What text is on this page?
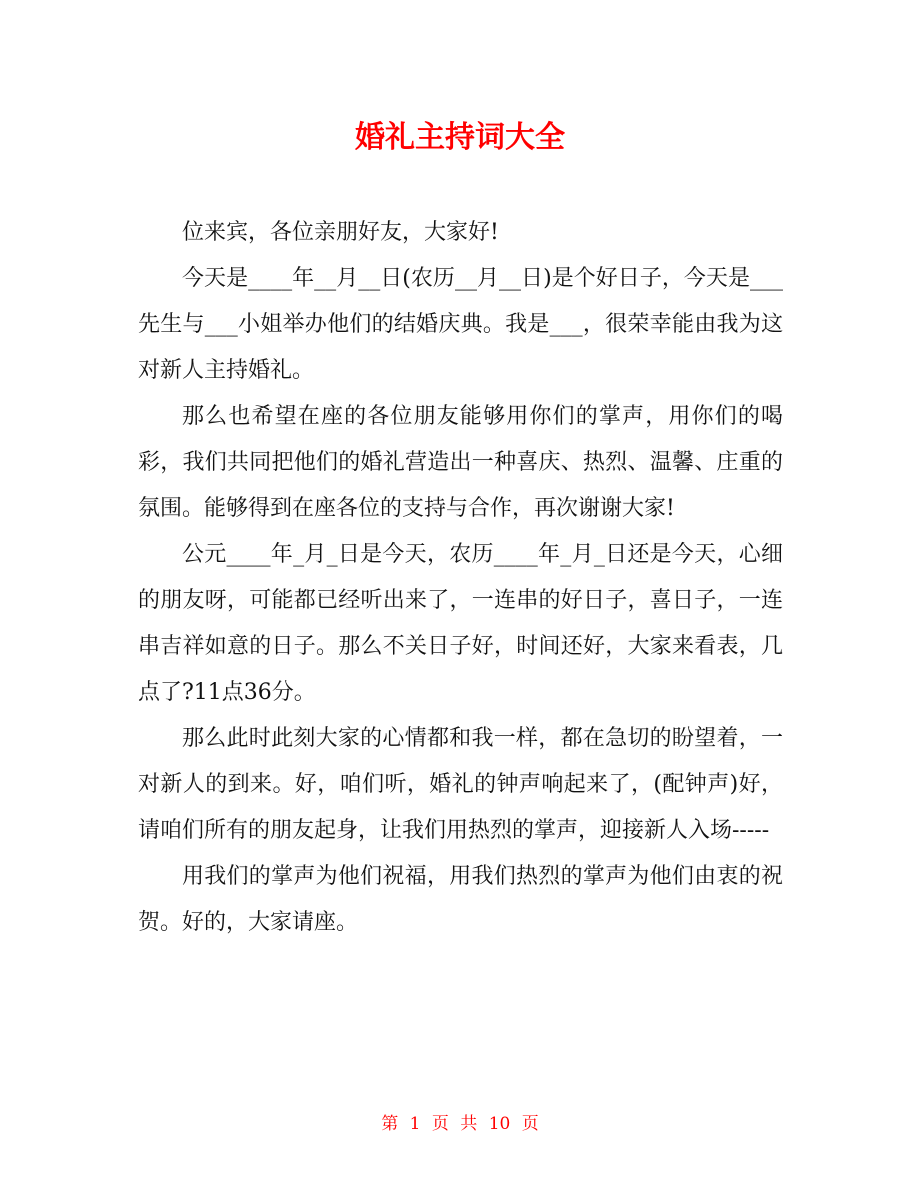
婚礼主持词大全

位来宾，各位亲朋好友，大家好!

今天是____年__月__日(农历__月__日)是个好日子，今天是___先生与___小姐举办他们的结婚庆典。我是___，很荣幸能由我为这对新人主持婚礼。

那么也希望在座的各位朋友能够用你们的掌声，用你们的喝彩，我们共同把他们的婚礼营造出一种喜庆、热烈、温馨、庄重的氛围。能够得到在座各位的支持与合作，再次谢谢大家!

公元____年_月_日是今天，农历____年_月_日还是今天，心细的朋友呀，可能都已经听出来了，一连串的好日子，喜日子，一连串吉祥如意的日子。那么不关日子好，时间还好，大家来看表，几点了?11点36分。

那么此时此刻大家的心情都和我一样，都在急切的盼望着，一对新人的到来。好，咱们听，婚礼的钟声响起来了，(配钟声)好，请咱们所有的朋友起身，让我们用热烈的掌声，迎接新人入场-----

用我们的掌声为他们祝福，用我们热烈的掌声为他们由衷的祝贺。好的，大家请座。

第 1 页 共 10 页
